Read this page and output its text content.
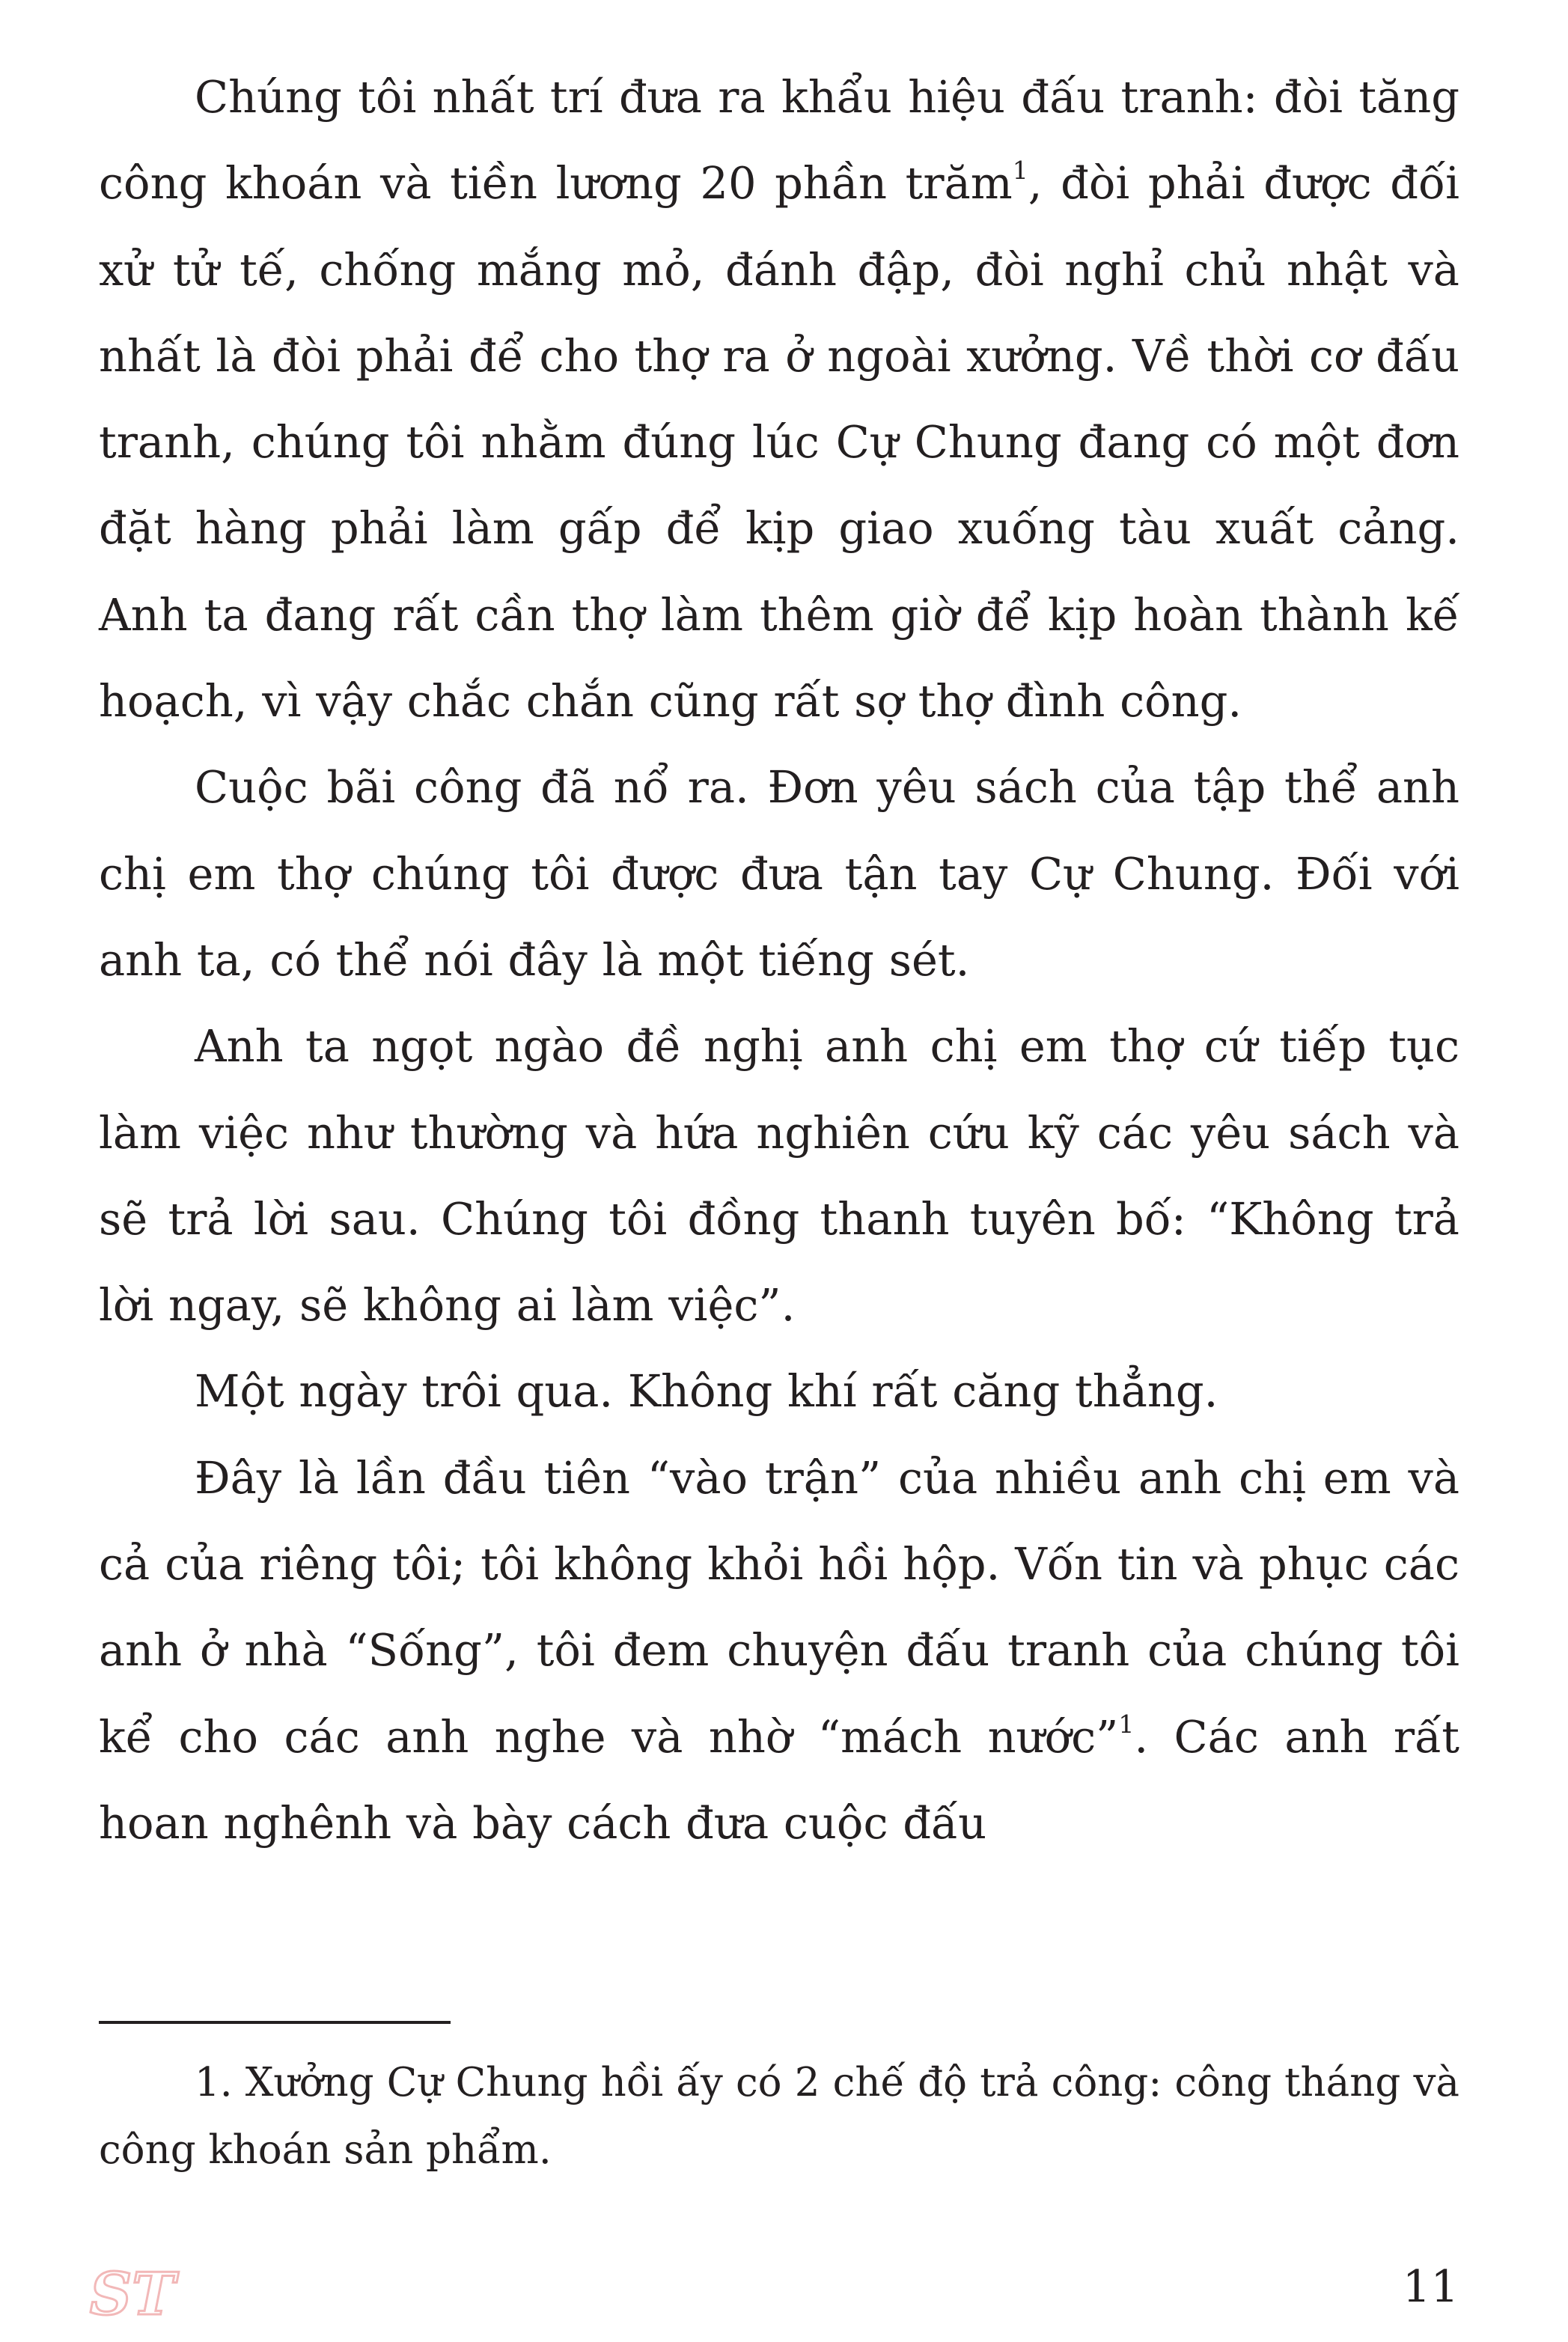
Chúng tôi nhất trí đưa ra khẩu hiệu đấu tranh: đòi tăng công khoán và tiền lương 20 phần trăm$^1$, đòi phải được đối xử tử tế, chống mắng mỏ, đánh đập, đòi nghỉ chủ nhật và nhất là đòi phải để cho thợ ra ở ngoài xưởng. Về thời cơ đấu tranh, chúng tôi nhằm đúng lúc Cự Chung đang có một đơn đặt hàng phải làm gấp để kịp giao xuống tàu xuất cảng. Anh ta đang rất cần thợ làm thêm giờ để kịp hoàn thành kế hoạch, vì vậy chắc chắn cũng rất sợ thợ đình công.

Cuộc bãi công đã nổ ra. Đơn yêu sách của tập thể anh chị em thợ chúng tôi được đưa tận tay Cự Chung. Đối với anh ta, có thể nói đây là một tiếng sét.

Anh ta ngọt ngào đề nghị anh chị em thợ cứ tiếp tục làm việc như thường và hứa nghiên cứu kỹ các yêu sách và sẽ trả lời sau. Chúng tôi đồng thanh tuyên bố: “Không trả lời ngay, sẽ không ai làm việc”.

Một ngày trôi qua. Không khí rất căng thẳng.

Đây là lần đầu tiên “vào trận” của nhiều anh chị em và cả của riêng tôi; tôi không khỏi hồi hộp. Vốn tin và phục các anh ở nhà “Sống”, tôi đem chuyện đấu tranh của chúng tôi kể cho các anh nghe và nhờ “mách nước”$^1$. Các anh rất hoan nghênh và bày cách đưa cuộc đấu

1. Xưởng Cự Chung hồi ấy có 2 chế độ trả công: công tháng và công khoán sản phẩm.

ST	11
